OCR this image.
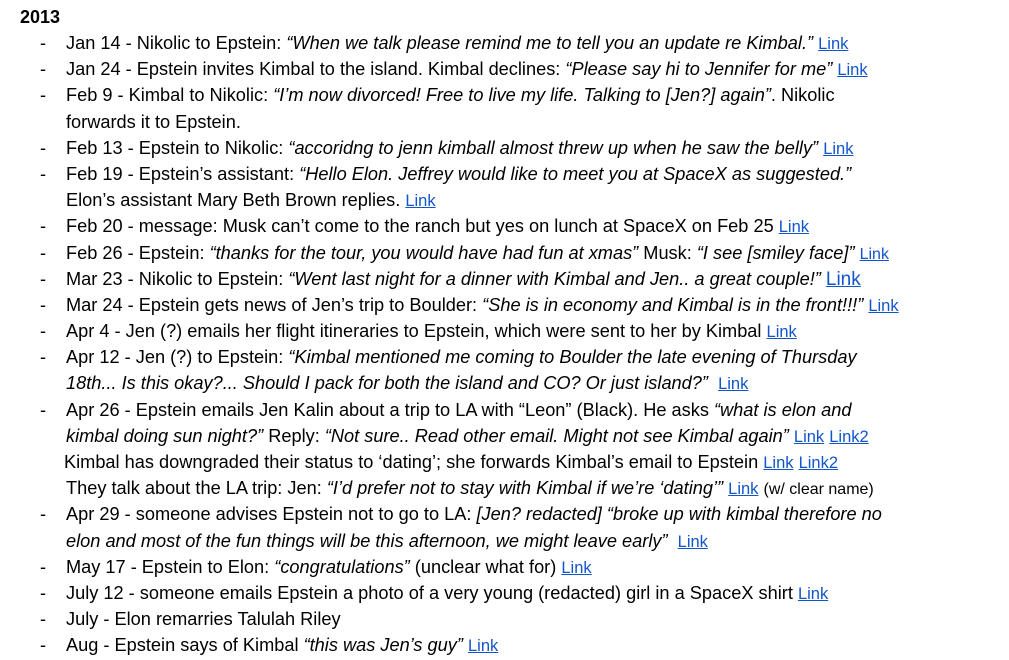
2013
- Jan 14 - Nikolic to Epstein: “When we talk please remind me to tell you an update re Kimbal.” Link
- Jan 24 - Epstein invites Kimbal to the island. Kimbal declines: “Please say hi to Jennifer for me” Link
- Feb 9 - Kimbal to Nikolic: “I’m now divorced! Free to live my life. Talking to [Jen?] again”. Nikolic
forwards it to Epstein.
- Feb 13 - Epstein to Nikolic: “accoridng to jenn kimball almost threw up when he saw the belly” Link
- Feb 19 - Epstein’s assistant: “Hello Elon. Jeffrey would like to meet you at SpaceX as suggested.”
Elon’s assistant Mary Beth Brown replies. Link
- Feb 20 - message: Musk can’t come to the ranch but yes on lunch at SpaceX on Feb 25 Link
- Feb 26 - Epstein: “thanks for the tour, you would have had fun at xmas” Musk: “I see [smiley face]” Link
- Mar 23 - Nikolic to Epstein: “Went last night for a dinner with Kimbal and Jen.. a great couple!” Link
- Mar 24 - Epstein gets news of Jen’s trip to Boulder: “She is in economy and Kimbal is in the front!!!” Link
- Apr 4 - Jen (?) emails her flight itineraries to Epstein, which were sent to her by Kimbal Link
- Apr 12 - Jen (?) to Epstein: “Kimbal mentioned me coming to Boulder the late evening of Thursday
18th... Is this okay?... Should I pack for both the island and CO? Or just island?” Link
- Apr 26 - Epstein emails Jen Kalin about a trip to LA with “Leon” (Black). He asks “what is elon and
kimbal doing sun night?” Reply: “Not sure.. Read other email. Might not see Kimbal again” Link Link2
Kimbal has downgraded their status to ‘dating’; she forwards Kimbal’s email to Epstein Link Link2
They talk about the LA trip: Jen: “I’d prefer not to stay with Kimbal if we’re ‘dating’” Link (w/ clear name)
- Apr 29 - someone advises Epstein not to go to LA: [Jen? redacted] “broke up with kimbal therefore no
elon and most of the fun things will be this afternoon, we might leave early” Link
- May 17 - Epstein to Elon: “congratulations” (unclear what for) Link
- July 12 - someone emails Epstein a photo of a very young (redacted) girl in a SpaceX shirt Link
- July - Elon remarries Talulah Riley
- Aug - Epstein says of Kimbal “this was Jen’s guy” Link
